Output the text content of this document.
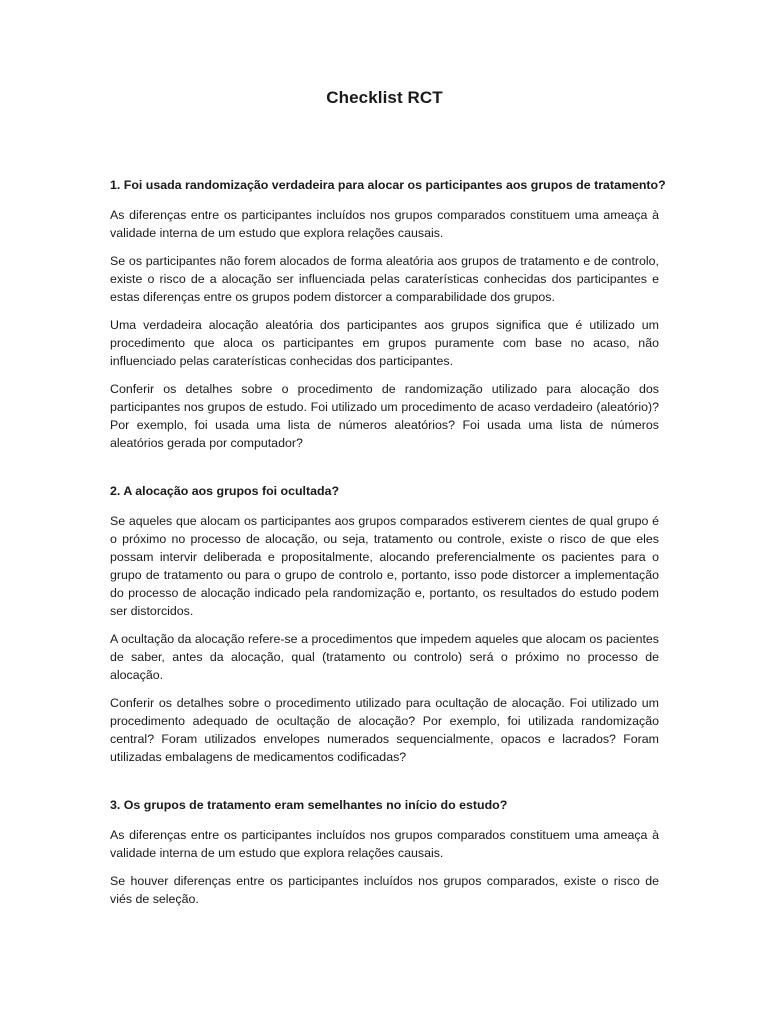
Checklist RCT
1. Foi usada randomização verdadeira para alocar os participantes aos grupos de tratamento?

As diferenças entre os participantes incluídos nos grupos comparados constituem uma ameaça à validade interna de um estudo que explora relações causais.

Se os participantes não forem alocados de forma aleatória aos grupos de tratamento e de controlo, existe o risco de a alocação ser influenciada pelas caraterísticas conhecidas dos participantes e estas diferenças entre os grupos podem distorcer a comparabilidade dos grupos.

Uma verdadeira alocação aleatória dos participantes aos grupos significa que é utilizado um procedimento que aloca os participantes em grupos puramente com base no acaso, não influenciado pelas caraterísticas conhecidas dos participantes.

Conferir os detalhes sobre o procedimento de randomização utilizado para alocação dos participantes nos grupos de estudo. Foi utilizado um procedimento de acaso verdadeiro (aleatório)? Por exemplo, foi usada uma lista de números aleatórios? Foi usada uma lista de números aleatórios gerada por computador?

2. A alocação aos grupos foi ocultada?

Se aqueles que alocam os participantes aos grupos comparados estiverem cientes de qual grupo é o próximo no processo de alocação, ou seja, tratamento ou controle, existe o risco de que eles possam intervir deliberada e propositalmente, alocando preferencialmente os pacientes para o grupo de tratamento ou para o grupo de controlo e, portanto, isso pode distorcer a implementação do processo de alocação indicado pela randomização e, portanto, os resultados do estudo podem ser distorcidos.

A ocultação da alocação refere-se a procedimentos que impedem aqueles que alocam os pacientes de saber, antes da alocação, qual (tratamento ou controlo) será o próximo no processo de alocação.

Conferir os detalhes sobre o procedimento utilizado para ocultação de alocação. Foi utilizado um procedimento adequado de ocultação de alocação? Por exemplo, foi utilizada randomização central? Foram utilizados envelopes numerados sequencialmente, opacos e lacrados? Foram utilizadas embalagens de medicamentos codificadas?

3. Os grupos de tratamento eram semelhantes no início do estudo?

As diferenças entre os participantes incluídos nos grupos comparados constituem uma ameaça à validade interna de um estudo que explora relações causais.

Se houver diferenças entre os participantes incluídos nos grupos comparados, existe o risco de viés de seleção.
